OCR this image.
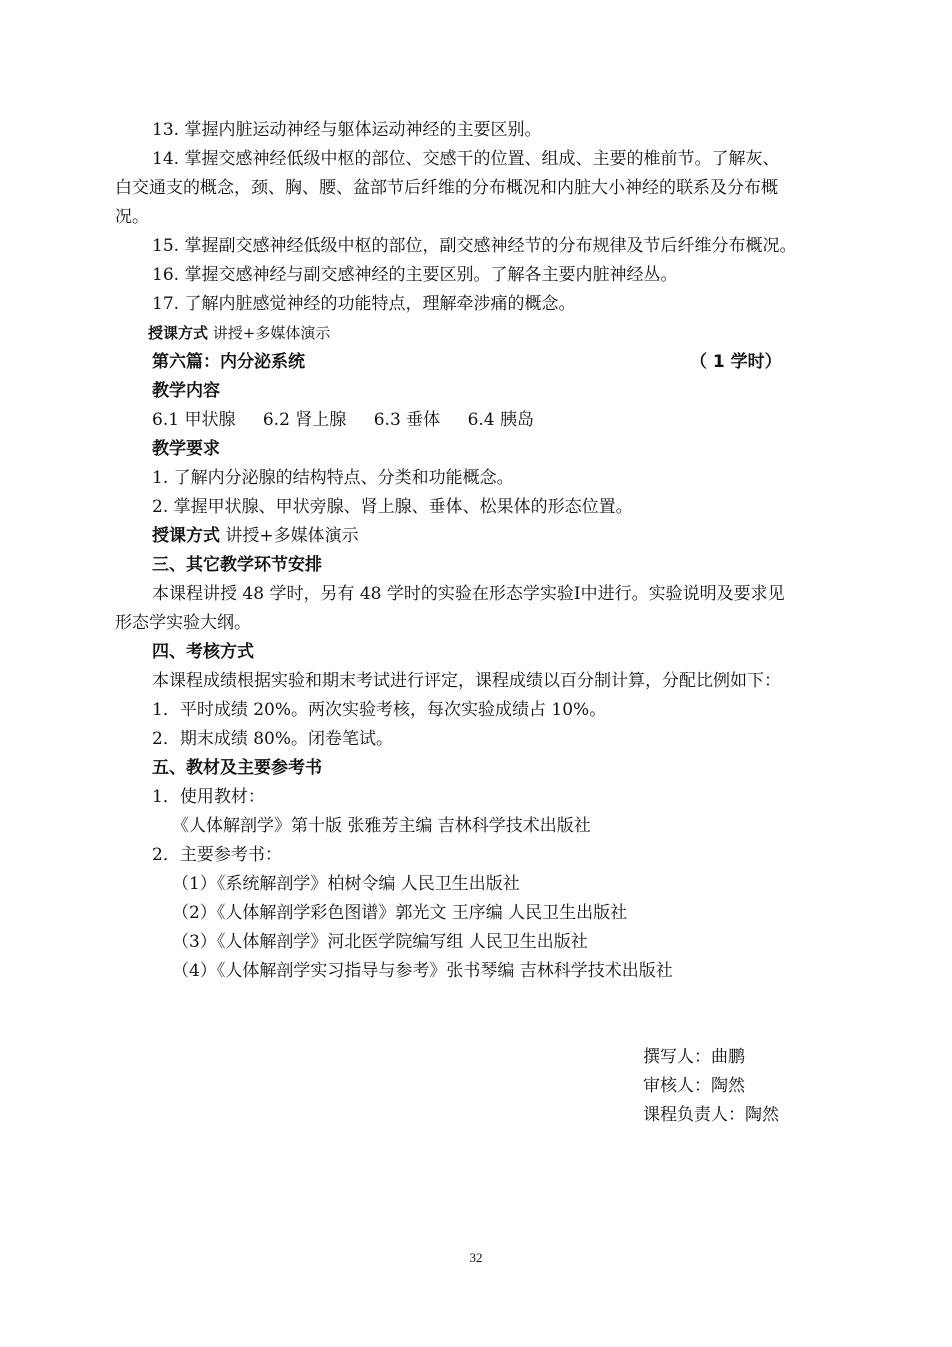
13. 掌握内脏运动神经与躯体运动神经的主要区别。
14. 掌握交感神经低级中枢的部位、交感干的位置、组成、主要的椎前节。了解灰、
白交通支的概念，颈、胸、腰、盆部节后纤维的分布概况和内脏大小神经的联系及分布概
况。
15. 掌握副交感神经低级中枢的部位，副交感神经节的分布规律及节后纤维分布概况。
16. 掌握交感神经与副交感神经的主要区别。了解各主要内脏神经丛。
17. 了解内脏感觉神经的功能特点，理解牵涉痛的概念。
授课方式 讲授+多媒体演示
第六篇：内分泌系统	（ 1 学时）
教学内容
6.1 甲状腺 6.2 肾上腺 6.3 垂体 6.4 胰岛
教学要求
1. 了解内分泌腺的结构特点、分类和功能概念。
2. 掌握甲状腺、甲状旁腺、肾上腺、垂体、松果体的形态位置。
授课方式 讲授+多媒体演示
三、其它教学环节安排
本课程讲授 48 学时，另有 48 学时的实验在形态学实验Ⅰ中进行。实验说明及要求见
形态学实验大纲。
四、考核方式
本课程成绩根据实验和期末考试进行评定，课程成绩以百分制计算，分配比例如下：
1．平时成绩 20%。两次实验考核，每次实验成绩占 10%。
2．期末成绩 80%。闭卷笔试。
五、教材及主要参考书
1．使用教材：
《人体解剖学》第十版 张雅芳主编 吉林科学技术出版社
2．主要参考书：
（1）《系统解剖学》柏树令编 人民卫生出版社
（2）《人体解剖学彩色图谱》郭光文 王序编 人民卫生出版社
（3）《人体解剖学》河北医学院编写组 人民卫生出版社
（4）《人体解剖学实习指导与参考》张书琴编 吉林科学技术出版社
撰写人：曲鹏
审核人：陶然
课程负责人：陶然
32
